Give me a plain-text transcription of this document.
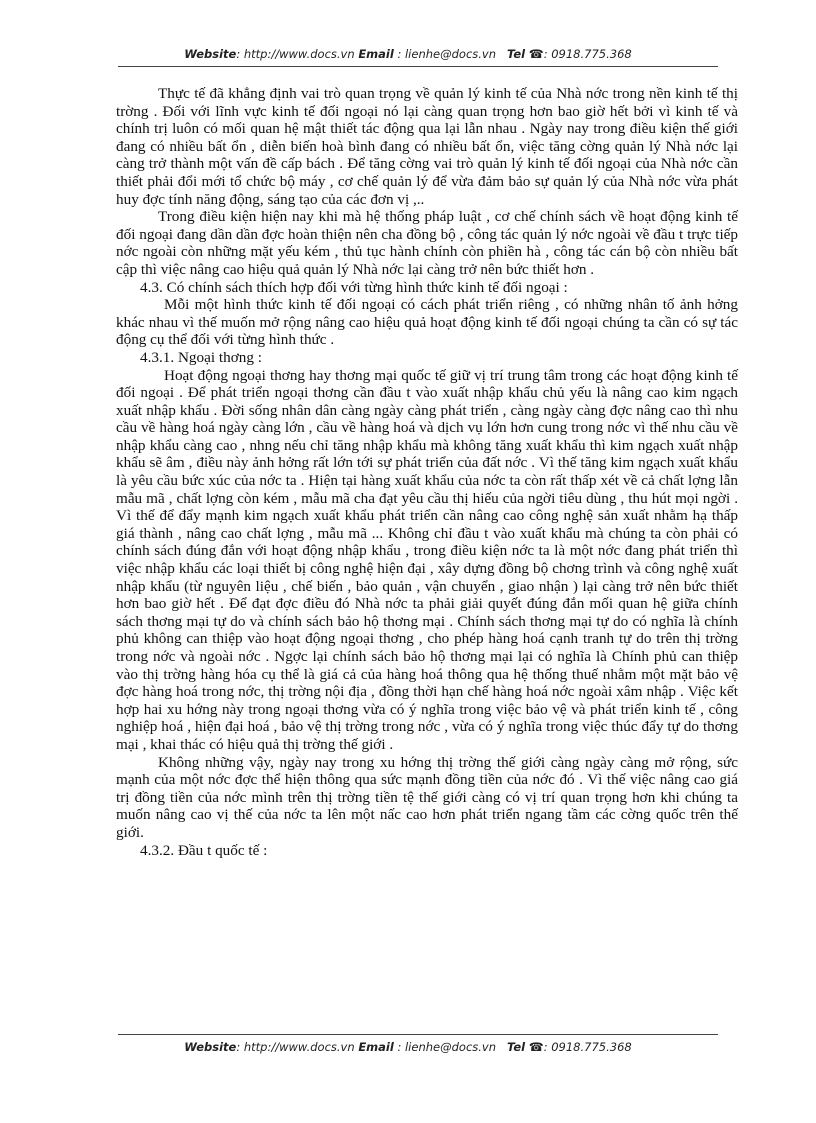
Website: http://www.docs.vn Email : lienhe@docs.vn Tel ☎: 0918.775.368

Thực tế đã khẳng định vai trò quan trọng về quản lý kinh tế của Nhà nớc trong nền kinh tế thị trờng . Đối với lĩnh vực kinh tế đối ngoại nó lại càng quan trọng hơn bao giờ hết bởi vì kinh tế và chính trị luôn có mối quan hệ mật thiết tác động qua lại lẫn nhau . Ngày nay trong điều kiện thế giới đang có nhiều bất ổn , diễn biến hoà bình đang có nhiều bất ổn, việc tăng cờng quản lý Nhà nớc lại càng trở thành một vấn đề cấp bách . Để tăng cờng vai trò quản lý kinh tế đối ngoại của Nhà nớc cần thiết phải đổi mới tổ chức bộ máy , cơ chế quản lý để vừa đảm bảo sự quản lý của Nhà nớc vừa phát huy đợc tính năng động, sáng tạo của các đơn vị ,..

Trong điều kiện hiện nay khi mà hệ thống pháp luật , cơ chế chính sách về hoạt động kinh tế đối ngoại đang dần dần đợc hoàn thiện nên cha đồng bộ , công tác quản lý nớc ngoài về đầu t trực tiếp nớc ngoài còn những mặt yếu kém , thủ tục hành chính còn phiền hà , công tác cán bộ còn nhiều bất cập thì việc nâng cao hiệu quả quản lý Nhà nớc lại càng trở nên bức thiết hơn .

4.3. Có chính sách thích hợp đối với từng hình thức kinh tế đối ngoại :

Mỗi một hình thức kinh tế đối ngoại có cách phát triển riêng , có những nhân tố ảnh hởng khác nhau vì thế muốn mở rộng nâng cao hiệu quả hoạt động kinh tế đối ngoại chúng ta cần có sự tác động cụ thể đối với từng hình thức .

4.3.1. Ngoại thơng :

Hoạt động ngoại thơng hay thơng mại quốc tế giữ vị trí trung tâm trong các hoạt động kinh tế đối ngoại . Để phát triển ngoại thơng cần đầu t vào xuất nhập khẩu chủ yếu là nâng cao kim ngạch xuất nhập khẩu . Đời sống nhân dân càng ngày càng phát triển , càng ngày càng đợc nâng cao thì nhu cầu về hàng hoá ngày càng lớn , cầu về hàng hoá và dịch vụ lớn hơn cung trong nớc vì thế nhu cầu về nhập khẩu càng cao , nhng nếu chỉ tăng nhập khẩu mà không tăng xuất khẩu thì kim ngạch xuất nhập khẩu sẽ âm , điều này ảnh hởng rất lớn tới sự phát triển của đất nớc . Vì thế tăng kim ngạch xuất khẩu là yêu cầu bức xúc của nớc ta . Hiện tại hàng xuất khẩu của nớc ta còn rất thấp xét về cả chất lợng lẫn mẫu mã , chất lợng còn kém , mẫu mã cha đạt yêu cầu thị hiếu của ngời tiêu dùng , thu hút mọi ngời . Vì thế để đẩy mạnh kim ngạch xuất khẩu phát triển cần nâng cao công nghệ sản xuất nhằm hạ thấp giá thành , nâng cao chất lợng , mẫu mã ... Không chỉ đầu t vào xuất khẩu mà chúng ta còn phải có chính sách đúng đắn với hoạt động nhập khẩu , trong điều kiện nớc ta là một nớc đang phát triển thì việc nhập khẩu các loại thiết bị công nghệ hiện đại , xây dựng đồng bộ chơng trình và công nghệ xuất nhập khẩu (từ nguyên liệu , chế biến , bảo quản , vận chuyển , giao nhận ) lại càng trở nên bức thiết hơn bao giờ hết . Để đạt đợc điều đó Nhà nớc ta phải giải quyết đúng đắn mối quan hệ giữa chính sách thơng mại tự do và chính sách bảo hộ thơng mại . Chính sách thơng mại tự do có nghĩa là chính phủ không can thiệp vào hoạt động ngoại thơng , cho phép hàng hoá cạnh tranh tự do trên thị trờng trong nớc và ngoài nớc . Ngợc lại chính sách bảo hộ thơng mại lại có nghĩa là Chính phủ can thiệp vào thị trờng hàng hóa cụ thể là giá cả của hàng hoá thông qua hệ thống thuế nhằm một mặt bảo vệ đợc hàng hoá trong nớc, thị trờng nội địa , đồng thời hạn chế hàng hoá nớc ngoài xâm nhập . Việc kết hợp hai xu hớng này trong ngoại thơng vừa có ý nghĩa trong việc bảo vệ và phát triển kinh tế , công nghiệp hoá , hiện đại hoá , bảo vệ thị trờng trong nớc , vừa có ý nghĩa trong việc thúc đẩy tự do thơng mại , khai thác có hiệu quả thị trờng thế giới .

Không những vậy, ngày nay trong xu hớng thị trờng thế giới càng ngày càng mở rộng, sức mạnh của một nớc đợc thể hiện thông qua sức mạnh đồng tiền của nớc đó . Vì thế việc nâng cao giá trị đồng tiền của nớc mình trên thị trờng tiền tệ thế giới càng có vị trí quan trọng hơn khi chúng ta muốn nâng cao vị thế của nớc ta lên một nấc cao hơn phát triển ngang tầm các cờng quốc trên thế giới.

4.3.2. Đầu t quốc tế :

Website: http://www.docs.vn Email : lienhe@docs.vn Tel ☎: 0918.775.368
